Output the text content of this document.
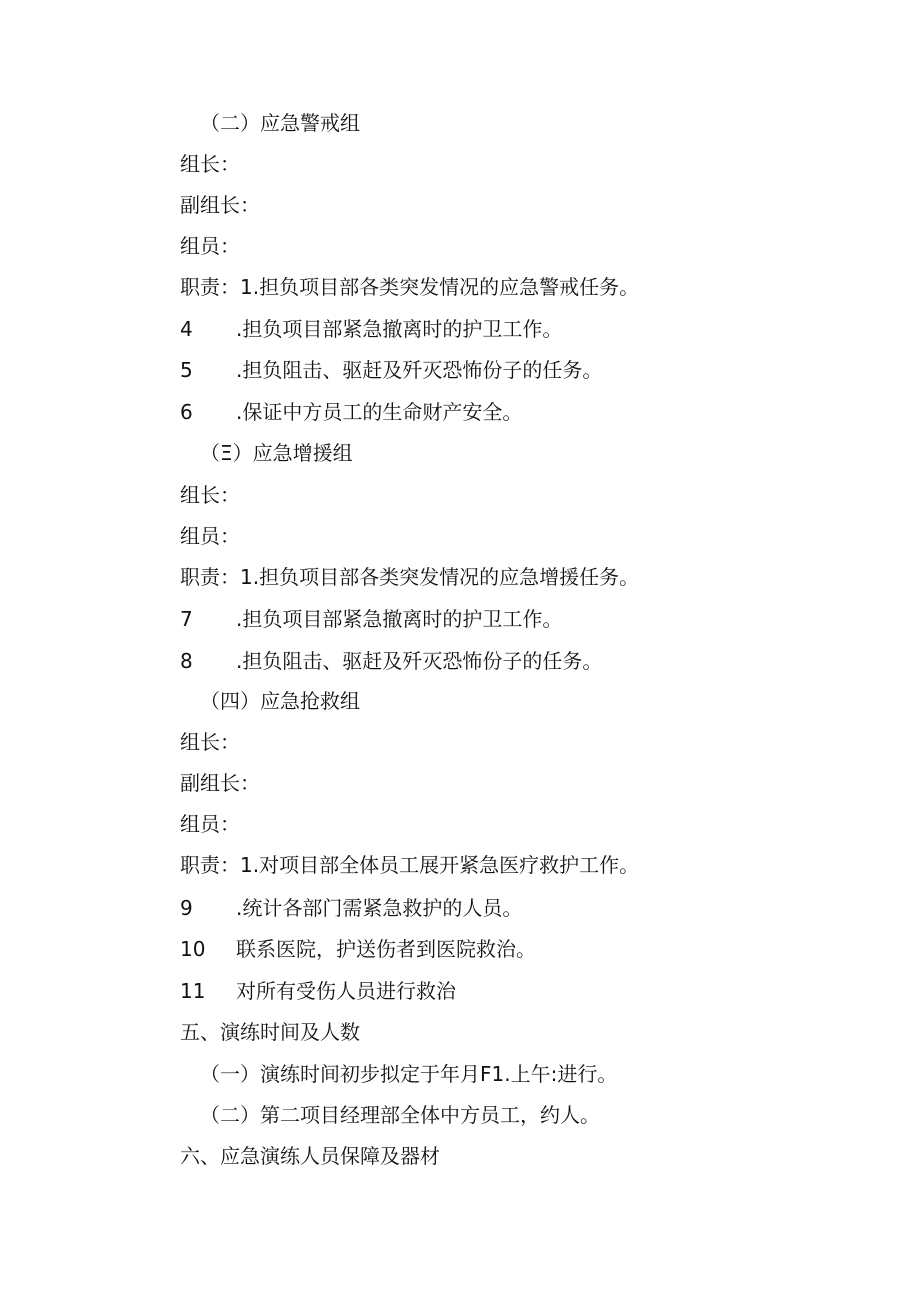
（二）应急警戒组
组长：
副组长：
组员：
职责：1.担负项目部各类突发情况的应急警戒任务。
4 .担负项目部紧急撤离时的护卫工作。
5 .担负阻击、驱赶及歼灭恐怖份子的任务。
6 .保证中方员工的生命财产安全。
（Ξ）应急增援组
组长：
组员：
职责：1.担负项目部各类突发情况的应急增援任务。
7 .担负项目部紧急撤离时的护卫工作。
8 .担负阻击、驱赶及歼灭恐怖份子的任务。
（四）应急抢救组
组长：
副组长：
组员：
职责：1.对项目部全体员工展开紧急医疗救护工作。
9 .统计各部门需紧急救护的人员。
10 联系医院，护送伤者到医院救治。
11 对所有受伤人员进行救治
五、演练时间及人数
（一）演练时间初步拟定于年月F1.上午:进行。
（二）第二项目经理部全体中方员工，约人。
六、应急演练人员保障及器材
